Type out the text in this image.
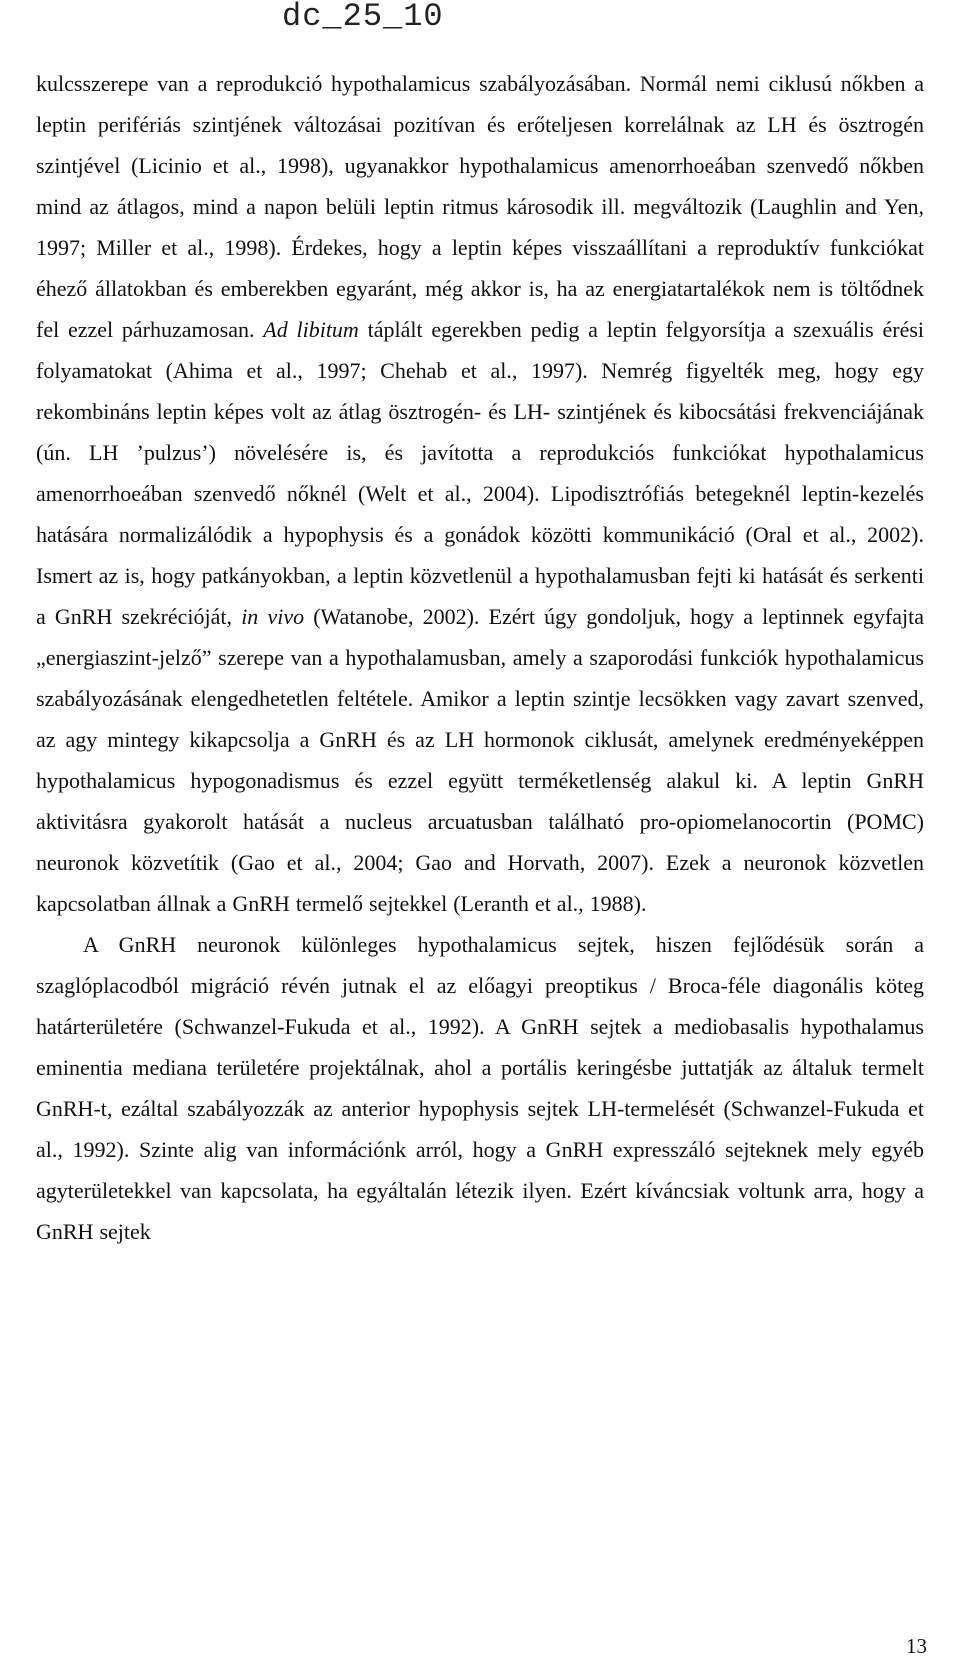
dc_25_10

kulcsszerepe van a reprodukció hypothalamicus szabályozásában. Normál nemi ciklusú nőkben a leptin perifériás szintjének változásai pozitívan és erőteljesen korrelálnak az LH és ösztrogén szintjével (Licinio et al., 1998), ugyanakkor hypothalamicus amenorrhoeában szenvedő nőkben mind az átlagos, mind a napon belüli leptin ritmus károsodik ill. megváltozik (Laughlin and Yen, 1997; Miller et al., 1998). Érdekes, hogy a leptin képes visszaállítani a reproduktív funkciókat éhező állatokban és emberekben egyaránt, még akkor is, ha az energiatartalékok nem is töltődnek fel ezzel párhuzamosan. Ad libitum táplált egerekben pedig a leptin felgyorsítja a szexuális érési folyamatokat (Ahima et al., 1997; Chehab et al., 1997). Nemrég figyelték meg, hogy egy rekombináns leptin képes volt az átlag ösztrogén- és LH- szintjének és kibocsátási frekvenciájának (ún. LH ’pulzus’) növelésére is, és javította a reprodukciós funkciókat hypothalamicus amenorrhoeában szenvedő nőknél (Welt et al., 2004). Lipodisztrófiás betegeknél leptin-kezelés hatására normalizálódik a hypophysis és a gonádok közötti kommunikáció (Oral et al., 2002). Ismert az is, hogy patkányokban, a leptin közvetlenül a hypothalamusban fejti ki hatását és serkenti a GnRH szekrécióját, in vivo (Watanobe, 2002). Ezért úgy gondoljuk, hogy a leptinnek egyfajta „energiaszint-jelző” szerepe van a hypothalamusban, amely a szaporodási funkciók hypothalamicus szabályozásának elengedhetetlen feltétele. Amikor a leptin szintje lecsökken vagy zavart szenved, az agy mintegy kikapcsolja a GnRH és az LH hormonok ciklusát, amelynek eredményeképpen hypothalamicus hypogonadismus és ezzel együtt terméketlenség alakul ki. A leptin GnRH aktivitásra gyakorolt hatását a nucleus arcuatusban található pro-opiomelanocortin (POMC) neuronok közvetítik (Gao et al., 2004; Gao and Horvath, 2007). Ezek a neuronok közvetlen kapcsolatban állnak a GnRH termelő sejtekkel (Leranth et al., 1988).

A GnRH neuronok különleges hypothalamicus sejtek, hiszen fejlődésük során a szaglóplacodból migráció révén jutnak el az előagyi preoptikus / Broca-féle diagonális köteg határterületére (Schwanzel-Fukuda et al., 1992). A GnRH sejtek a mediobasalis hypothalamus eminentia mediana területére projektálnak, ahol a portális keringésbe juttatják az általuk termelt GnRH-t, ezáltal szabályozzák az anterior hypophysis sejtek LH-termelését (Schwanzel-Fukuda et al., 1992). Szinte alig van információnk arról, hogy a GnRH expresszáló sejteknek mely egyéb agyterületekkel van kapcsolata, ha egyáltalán létezik ilyen. Ezért kíváncsiak voltunk arra, hogy a GnRH sejtek

13
